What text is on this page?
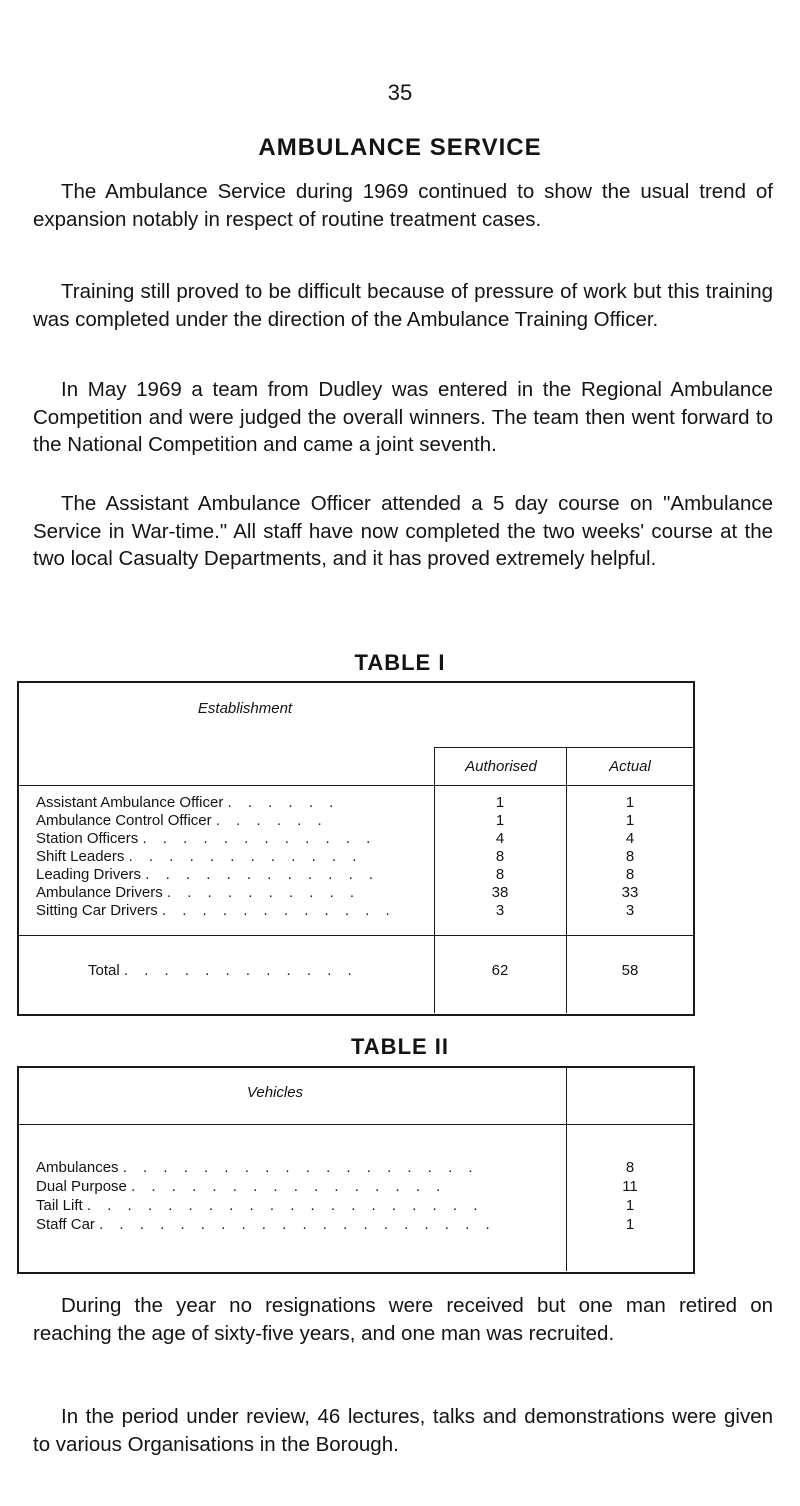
35
AMBULANCE SERVICE
The Ambulance Service during 1969 continued to show the usual trend of expansion notably in respect of routine treatment cases.
Training still proved to be difficult because of pressure of work but this training was completed under the direction of the Ambulance Training Officer.
In May 1969 a team from Dudley was entered in the Regional Ambulance Competition and were judged the overall winners. The team then went forward to the National Competition and came a joint seventh.
The Assistant Ambulance Officer attended a 5 day course on "Ambulance Service in War-time." All staff have now completed the two weeks' course at the two local Casualty Departments, and it has proved extremely helpful.
TABLE I
Establishment
Authorised	Actual
Assistant Ambulance Officer . . . . . .	1	1
Ambulance Control Officer . . . . . .	1	1
Station Officers . . . . . . . . . . . .	4	4
Shift Leaders . . . . . . . . . . . .	8	8
Leading Drivers . . . . . . . . . . . .	8	8
Ambulance Drivers . . . . . . . . . .	38	33
Sitting Car Drivers . . . . . . . . . . . .	3	3
Total . . . . . . . . . . . .	62	58
TABLE II
Vehicles
Ambulances . . . . . . . . . . . . . . . . . .	8
Dual Purpose . . . . . . . . . . . . . . . .	11
Tail Lift . . . . . . . . . . . . . . . . . . . .	1
Staff Car . . . . . . . . . . . . . . . . . . . .	1
During the year no resignations were received but one man retired on reaching the age of sixty-five years, and one man was recruited.
In the period under review, 46 lectures, talks and demonstrations were given to various Organisations in the Borough.
